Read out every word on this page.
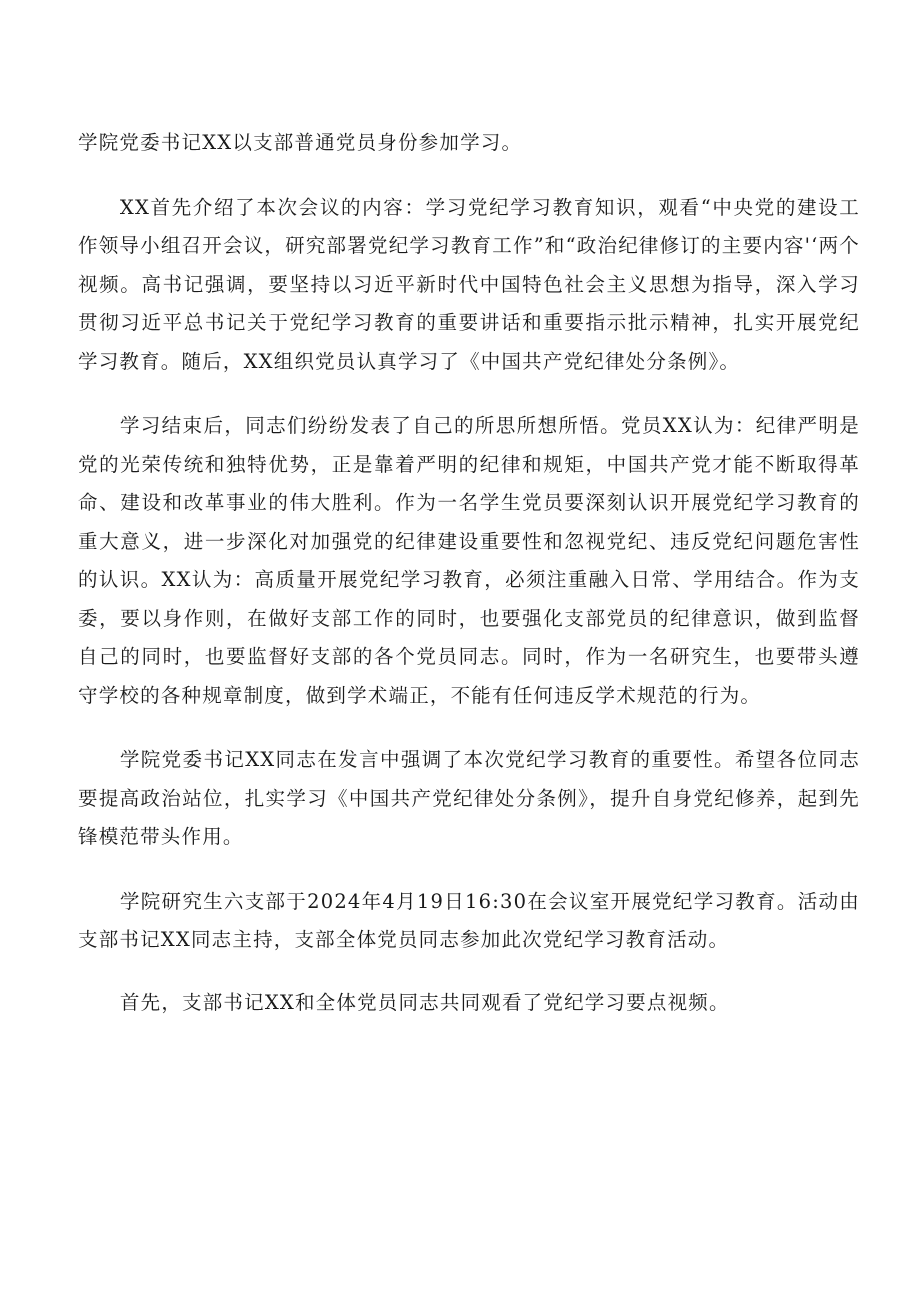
学院党委书记XX以支部普通党员身份参加学习。

XX首先介绍了本次会议的内容：学习党纪学习教育知识，观看“中央党的建设工作领导小组召开会议，研究部署党纪学习教育工作”和“政治纪律修订的主要内容'‘两个视频。高书记强调，要坚持以习近平新时代中国特色社会主义思想为指导，深入学习贯彻习近平总书记关于党纪学习教育的重要讲话和重要指示批示精神，扎实开展党纪学习教育。随后，XX组织党员认真学习了《中国共产党纪律处分条例》。

学习结束后，同志们纷纷发表了自己的所思所想所悟。党员XX认为：纪律严明是党的光荣传统和独特优势，正是靠着严明的纪律和规矩，中国共产党才能不断取得革命、建设和改革事业的伟大胜利。作为一名学生党员要深刻认识开展党纪学习教育的重大意义，进一步深化对加强党的纪律建设重要性和忽视党纪、违反党纪问题危害性的认识。XX认为：高质量开展党纪学习教育，必须注重融入日常、学用结合。作为支委，要以身作则，在做好支部工作的同时，也要强化支部党员的纪律意识，做到监督自己的同时，也要监督好支部的各个党员同志。同时，作为一名研究生，也要带头遵守学校的各种规章制度，做到学术端正，不能有任何违反学术规范的行为。

学院党委书记XX同志在发言中强调了本次党纪学习教育的重要性。希望各位同志要提高政治站位，扎实学习《中国共产党纪律处分条例》，提升自身党纪修养，起到先锋模范带头作用。

学院研究生六支部于2024年4月19日16:30在会议室开展党纪学习教育。活动由支部书记XX同志主持，支部全体党员同志参加此次党纪学习教育活动。

首先，支部书记XX和全体党员同志共同观看了党纪学习要点视频。
